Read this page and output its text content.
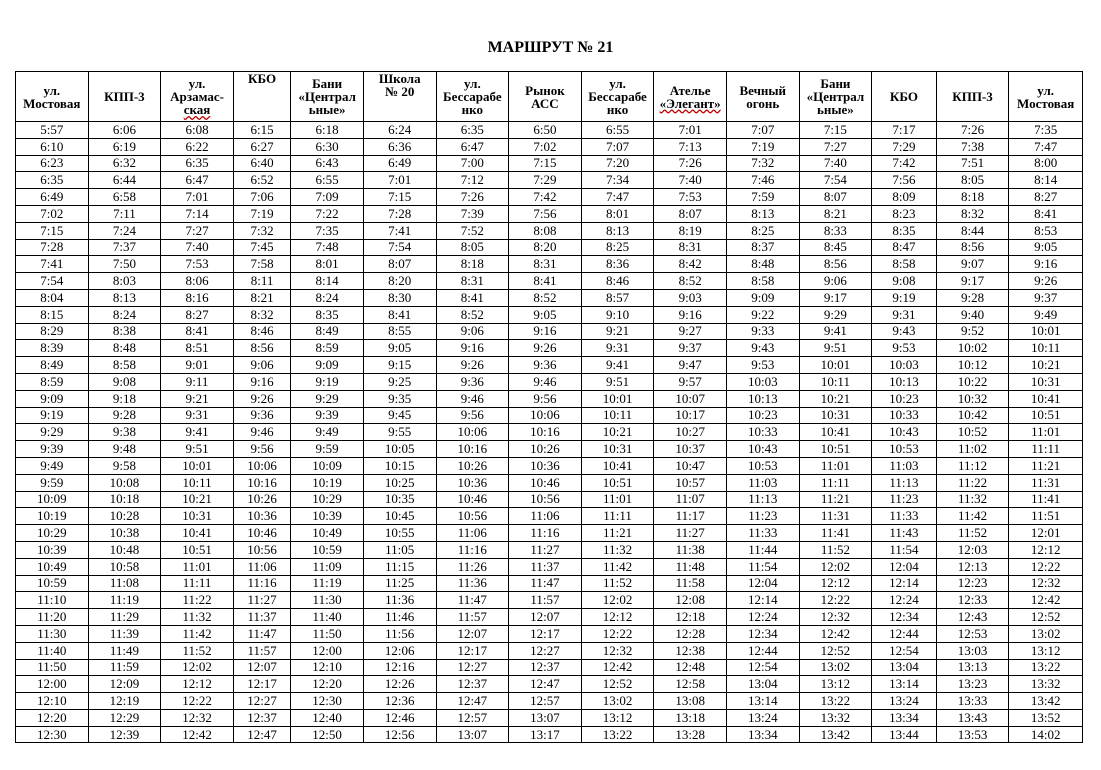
МАРШРУТ № 21
ул.
Мостовая	КПП-3	ул.
Арзамас-
ская	КБО	Бани
«Централ
ьные»	Школа
№ 20	ул.
Бессарабе
нко	Рынок
АСС	ул.
Бессарабе
нко	Ателье
«Элегант»	Вечный
огонь	Бани
«Централ
ьные»	КБО	КПП-3	ул.
Мостовая
5:57	6:06	6:08	6:15	6:18	6:24	6:35	6:50	6:55	7:01	7:07	7:15	7:17	7:26	7:35
6:10	6:19	6:22	6:27	6:30	6:36	6:47	7:02	7:07	7:13	7:19	7:27	7:29	7:38	7:47
6:23	6:32	6:35	6:40	6:43	6:49	7:00	7:15	7:20	7:26	7:32	7:40	7:42	7:51	8:00
6:35	6:44	6:47	6:52	6:55	7:01	7:12	7:29	7:34	7:40	7:46	7:54	7:56	8:05	8:14
6:49	6:58	7:01	7:06	7:09	7:15	7:26	7:42	7:47	7:53	7:59	8:07	8:09	8:18	8:27
7:02	7:11	7:14	7:19	7:22	7:28	7:39	7:56	8:01	8:07	8:13	8:21	8:23	8:32	8:41
7:15	7:24	7:27	7:32	7:35	7:41	7:52	8:08	8:13	8:19	8:25	8:33	8:35	8:44	8:53
7:28	7:37	7:40	7:45	7:48	7:54	8:05	8:20	8:25	8:31	8:37	8:45	8:47	8:56	9:05
7:41	7:50	7:53	7:58	8:01	8:07	8:18	8:31	8:36	8:42	8:48	8:56	8:58	9:07	9:16
7:54	8:03	8:06	8:11	8:14	8:20	8:31	8:41	8:46	8:52	8:58	9:06	9:08	9:17	9:26
8:04	8:13	8:16	8:21	8:24	8:30	8:41	8:52	8:57	9:03	9:09	9:17	9:19	9:28	9:37
8:15	8:24	8:27	8:32	8:35	8:41	8:52	9:05	9:10	9:16	9:22	9:29	9:31	9:40	9:49
8:29	8:38	8:41	8:46	8:49	8:55	9:06	9:16	9:21	9:27	9:33	9:41	9:43	9:52	10:01
8:39	8:48	8:51	8:56	8:59	9:05	9:16	9:26	9:31	9:37	9:43	9:51	9:53	10:02	10:11
8:49	8:58	9:01	9:06	9:09	9:15	9:26	9:36	9:41	9:47	9:53	10:01	10:03	10:12	10:21
8:59	9:08	9:11	9:16	9:19	9:25	9:36	9:46	9:51	9:57	10:03	10:11	10:13	10:22	10:31
9:09	9:18	9:21	9:26	9:29	9:35	9:46	9:56	10:01	10:07	10:13	10:21	10:23	10:32	10:41
9:19	9:28	9:31	9:36	9:39	9:45	9:56	10:06	10:11	10:17	10:23	10:31	10:33	10:42	10:51
9:29	9:38	9:41	9:46	9:49	9:55	10:06	10:16	10:21	10:27	10:33	10:41	10:43	10:52	11:01
9:39	9:48	9:51	9:56	9:59	10:05	10:16	10:26	10:31	10:37	10:43	10:51	10:53	11:02	11:11
9:49	9:58	10:01	10:06	10:09	10:15	10:26	10:36	10:41	10:47	10:53	11:01	11:03	11:12	11:21
9:59	10:08	10:11	10:16	10:19	10:25	10:36	10:46	10:51	10:57	11:03	11:11	11:13	11:22	11:31
10:09	10:18	10:21	10:26	10:29	10:35	10:46	10:56	11:01	11:07	11:13	11:21	11:23	11:32	11:41
10:19	10:28	10:31	10:36	10:39	10:45	10:56	11:06	11:11	11:17	11:23	11:31	11:33	11:42	11:51
10:29	10:38	10:41	10:46	10:49	10:55	11:06	11:16	11:21	11:27	11:33	11:41	11:43	11:52	12:01
10:39	10:48	10:51	10:56	10:59	11:05	11:16	11:27	11:32	11:38	11:44	11:52	11:54	12:03	12:12
10:49	10:58	11:01	11:06	11:09	11:15	11:26	11:37	11:42	11:48	11:54	12:02	12:04	12:13	12:22
10:59	11:08	11:11	11:16	11:19	11:25	11:36	11:47	11:52	11:58	12:04	12:12	12:14	12:23	12:32
11:10	11:19	11:22	11:27	11:30	11:36	11:47	11:57	12:02	12:08	12:14	12:22	12:24	12:33	12:42
11:20	11:29	11:32	11:37	11:40	11:46	11:57	12:07	12:12	12:18	12:24	12:32	12:34	12:43	12:52
11:30	11:39	11:42	11:47	11:50	11:56	12:07	12:17	12:22	12:28	12:34	12:42	12:44	12:53	13:02
11:40	11:49	11:52	11:57	12:00	12:06	12:17	12:27	12:32	12:38	12:44	12:52	12:54	13:03	13:12
11:50	11:59	12:02	12:07	12:10	12:16	12:27	12:37	12:42	12:48	12:54	13:02	13:04	13:13	13:22
12:00	12:09	12:12	12:17	12:20	12:26	12:37	12:47	12:52	12:58	13:04	13:12	13:14	13:23	13:32
12:10	12:19	12:22	12:27	12:30	12:36	12:47	12:57	13:02	13:08	13:14	13:22	13:24	13:33	13:42
12:20	12:29	12:32	12:37	12:40	12:46	12:57	13:07	13:12	13:18	13:24	13:32	13:34	13:43	13:52
12:30	12:39	12:42	12:47	12:50	12:56	13:07	13:17	13:22	13:28	13:34	13:42	13:44	13:53	14:02
